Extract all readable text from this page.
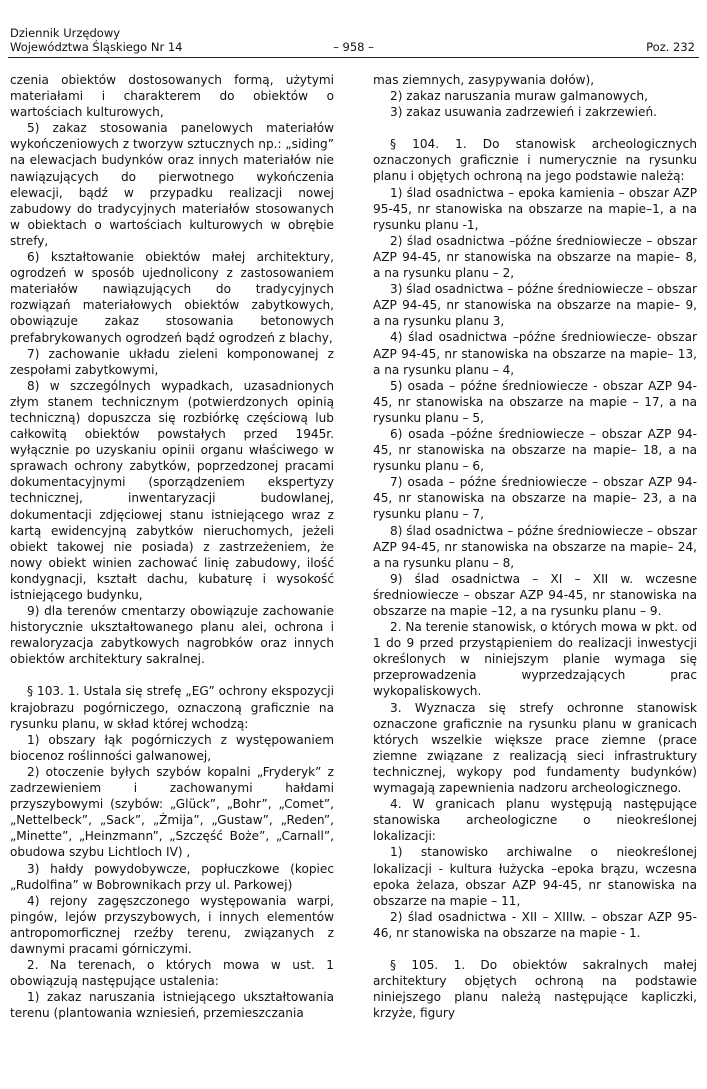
Dziennik Urzędowy
Województwa Śląskiego Nr 14	– 958 –	Poz. 232

czenia obiektów dostosowanych formą, użytymi materiałami i charakterem do obiektów o wartościach kulturowych,

5) zakaz stosowania panelowych materiałów wykończeniowych z tworzyw sztucznych np.: „siding” na elewacjach budynków oraz innych materiałów nie nawiązujących do pierwotnego wykończenia elewacji, bądź w przypadku realizacji nowej zabudowy do tradycyjnych materiałów stosowanych w obiektach o wartościach kulturowych w obrębie strefy,

6) kształtowanie obiektów małej architektury, ogrodzeń w sposób ujednolicony z zastosowaniem materiałów nawiązujących do tradycyjnych rozwiązań materiałowych obiektów zabytkowych, obowiązuje zakaz stosowania betonowych prefabrykowanych ogrodzeń bądź ogrodzeń z blachy,

7) zachowanie układu zieleni komponowanej z zespołami zabytkowymi,

8) w szczególnych wypadkach, uzasadnionych złym stanem technicznym (potwierdzonych opinią techniczną) dopuszcza się rozbiórkę częściową lub całkowitą obiektów powstałych przed 1945r. wyłącznie po uzyskaniu opinii organu właściwego w sprawach ochrony zabytków, poprzedzonej pracami dokumentacyjnymi (sporządzeniem ekspertyzy technicznej, inwentaryzacji budowlanej, dokumentacji zdjęciowej stanu istniejącego wraz z kartą ewidencyjną zabytków nieruchomych, jeżeli obiekt takowej nie posiada) z zastrzeżeniem, że nowy obiekt winien zachować linię zabudowy, ilość kondygnacji, kształt dachu, kubaturę i wysokość istniejącego budynku,

9) dla terenów cmentarzy obowiązuje zachowanie historycznie ukształtowanego planu alei, ochrona i rewaloryzacja zabytkowych nagrobków oraz innych obiektów architektury sakralnej.

§ 103. 1. Ustala się strefę „EG” ochrony ekspozycji krajobrazu pogórniczego, oznaczoną graficznie na rysunku planu, w skład której wchodzą:

1) obszary łąk pogórniczych z występowaniem biocenoz roślinności galwanowej,

2) otoczenie byłych szybów kopalni „Fryderyk” z zadrzewieniem i zachowanymi hałdami przyszybowymi (szybów: „Glück”, „Bohr”, „Comet”, „Nettelbeck”, „Sack”, „Żmija”, „Gustaw”, „Reden”, „Minette”, „Heinzmann”, „Szczęść Boże”, „Carnall”, obudowa szybu Lichtloch IV) ,

3) hałdy powydobywcze, popłuczkowe (kopiec „Rudolfina” w Bobrownikach przy ul. Parkowej)

4) rejony zagęszczonego występowania warpi, pingów, lejów przyszybowych, i innych elementów antropomorficznej rzeźby terenu, związanych z dawnymi pracami górniczymi.

2. Na terenach, o których mowa w ust. 1 obowiązują następujące ustalenia:

1) zakaz naruszania istniejącego ukształtowania terenu (plantowania wzniesień, przemieszczania

mas ziemnych, zasypywania dołów),

2) zakaz naruszania muraw galmanowych,

3) zakaz usuwania zadrzewień i zakrzewień.

§ 104. 1. Do stanowisk archeologicznych oznaczonych graficznie i numerycznie na rysunku planu i objętych ochroną na jego podstawie należą:

1) ślad osadnictwa – epoka kamienia – obszar AZP 95-45, nr stanowiska na obszarze na mapie–1, a na rysunku planu -1,

2) ślad osadnictwa –późne średniowiecze – obszar AZP 94-45, nr stanowiska na obszarze na mapie– 8, a na rysunku planu – 2,

3) ślad osadnictwa – późne średniowiecze – obszar AZP 94-45, nr stanowiska na obszarze na mapie– 9, a na rysunku planu 3,

4) ślad osadnictwa –późne średniowiecze- obszar AZP 94-45, nr stanowiska na obszarze na mapie– 13, a na rysunku planu – 4,

5) osada – późne średniowiecze - obszar AZP 94-45, nr stanowiska na obszarze na mapie – 17, a na rysunku planu – 5,

6) osada –późne średniowiecze – obszar AZP 94-45, nr stanowiska na obszarze na mapie– 18, a na rysunku planu – 6,

7) osada – późne średniowiecze – obszar AZP 94-45, nr stanowiska na obszarze na mapie– 23, a na rysunku planu – 7,

8) ślad osadnictwa – późne średniowiecze – obszar AZP 94-45, nr stanowiska na obszarze na mapie– 24, a na rysunku planu – 8,

9) ślad osadnictwa – XI – XII w. wczesne średniowiecze – obszar AZP 94-45, nr stanowiska na obszarze na mapie –12, a na rysunku planu – 9.

2. Na terenie stanowisk, o których mowa w pkt. od 1 do 9 przed przystąpieniem do realizacji inwestycji określonych w niniejszym planie wymaga się przeprowadzenia wyprzedzających prac wykopaliskowych.

3. Wyznacza się strefy ochronne stanowisk oznaczone graficznie na rysunku planu w granicach których wszelkie większe prace ziemne (prace ziemne związane z realizacją sieci infrastruktury technicznej, wykopy pod fundamenty budynków) wymagają zapewnienia nadzoru archeologicznego.

4. W granicach planu występują następujące stanowiska archeologiczne o nieokreślonej lokalizacji:

1) stanowisko archiwalne o nieokreślonej lokalizacji - kultura łużycka –epoka brązu, wczesna epoka żelaza, obszar AZP 94-45, nr stanowiska na obszarze na mapie – 11,

2) ślad osadnictwa - XII – XIIIw. – obszar AZP 95-46, nr stanowiska na obszarze na mapie - 1.

§ 105. 1. Do obiektów sakralnych małej architektury objętych ochroną na podstawie niniejszego planu należą następujące kapliczki, krzyże, figury
